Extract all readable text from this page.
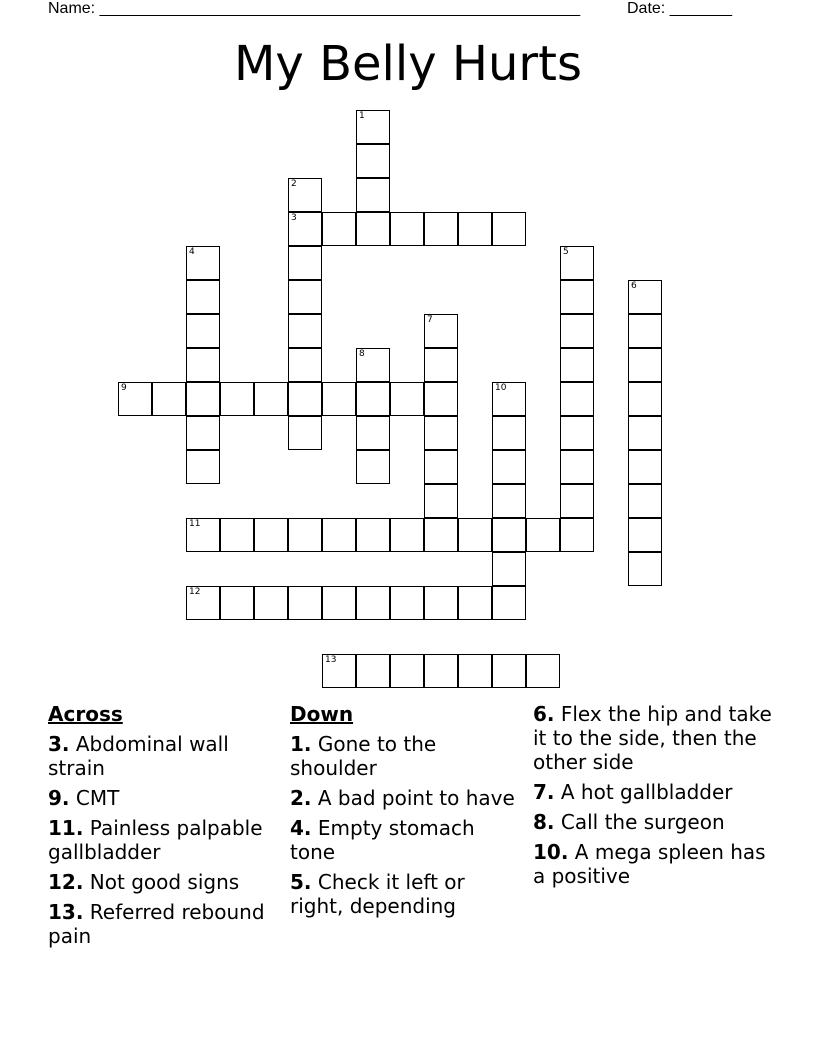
Name: ______________________________________________________	Date: _______
My Belly Hurts
1
2
3
4	5
6
7
8
9	10
11
12
13
Across
3. Abdominal wall strain
9. CMT
11. Painless palpable gallbladder
12. Not good signs
13. Referred rebound pain
Down
1. Gone to the shoulder
2. A bad point to have
4. Empty stomach tone
5. Check it left or right, depending
6. Flex the hip and take it to the side, then the other side
7. A hot gallbladder
8. Call the surgeon
10. A mega spleen has a positive
